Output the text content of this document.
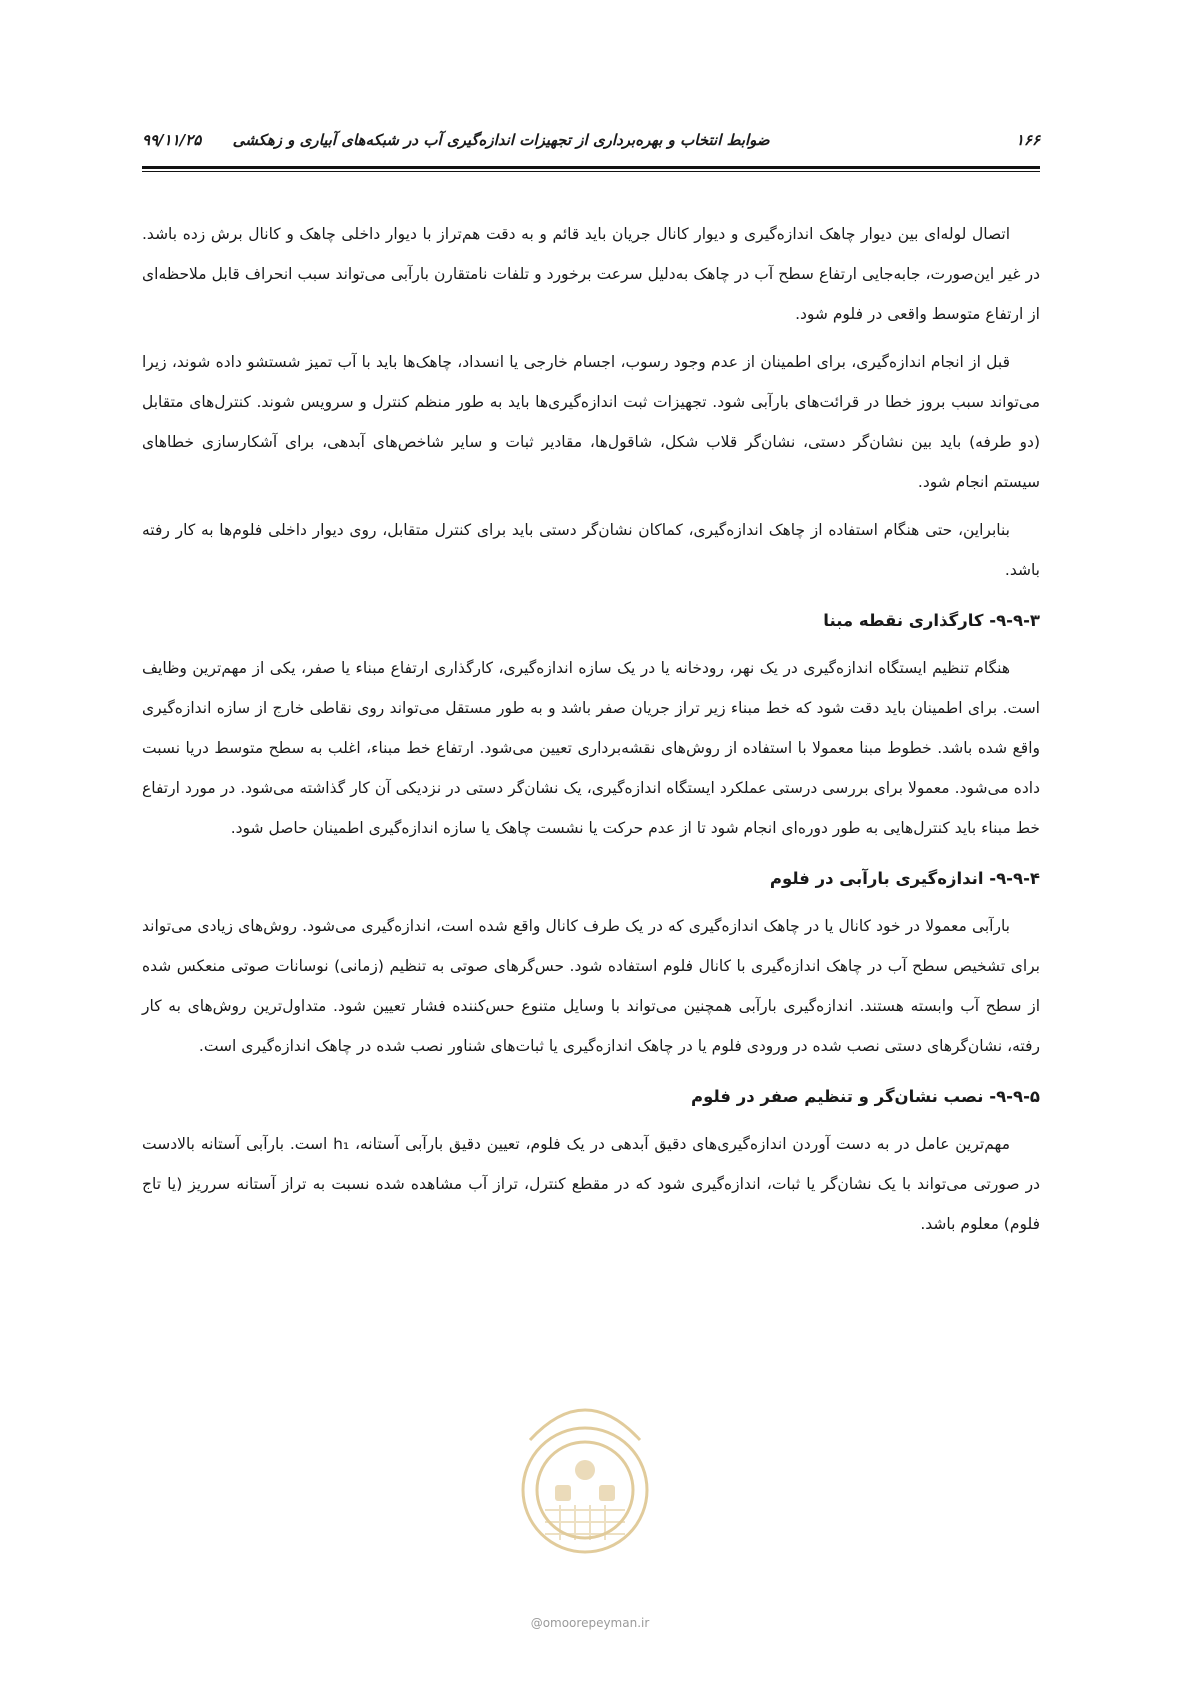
۱۶۶
ضوابط انتخاب و بهره‌برداری از تجهیزات اندازه‌گیری آب در شبکه‌های آبیاری و زهکشی      ۹۹/۱۱/۲۵

اتصال لوله‌ای بین دیوار چاهک اندازه‌گیری و دیوار کانال جریان باید قائم و به دقت هم‌تراز با دیوار داخلی چاهک و کانال برش زده باشد. در غیر این‌صورت، جابه‌جایی ارتفاع سطح آب در چاهک به‌دلیل سرعت برخورد و تلفات نامتقارن بارآبی می‌تواند سبب انحراف قابل ملاحظه‌ای از ارتفاع متوسط واقعی در فلوم شود.

قبل از انجام اندازه‌گیری، برای اطمینان از عدم وجود رسوب، اجسام خارجی یا انسداد، چاهک‌ها باید با آب تمیز شستشو داده شوند، زیرا می‌تواند سبب بروز خطا در قرائت‌های بارآبی شود. تجهیزات ثبت اندازه‌گیری‌ها باید به طور منظم کنترل و سرویس شوند. کنترل‌های متقابل (دو طرفه) باید بین نشان‌گر دستی، نشان‌گر قلاب شکل، شاقول‌ها، مقادیر ثبات و سایر شاخص‌های آبدهی، برای آشکارسازی خطاهای سیستم انجام شود.

بنابراین، حتی هنگام استفاده از چاهک اندازه‌گیری، کماکان نشان‌گر دستی باید برای کنترل متقابل، روی دیوار داخلی فلوم‌ها به کار رفته باشد.

۹-۹-۳- کارگذاری نقطه مبنا

هنگام تنظیم ایستگاه اندازه‌گیری در یک نهر، رودخانه یا در یک سازه اندازه‌گیری، کارگذاری ارتفاع مبناء یا صفر، یکی از مهم‌ترین وظایف است. برای اطمینان باید دقت شود که خط مبناء زیر تراز جریان صفر باشد و به طور مستقل می‌تواند روی نقاطی خارج از سازه اندازه‌گیری واقع شده باشد. خطوط مبنا معمولا با استفاده از روش‌های نقشه‌برداری تعیین می‌شود. ارتفاع خط مبناء، اغلب به سطح متوسط دریا نسبت داده می‌شود. معمولا برای بررسی درستی عملکرد ایستگاه اندازه‌گیری، یک نشان‌گر دستی در نزدیکی آن کار گذاشته می‌شود. در مورد ارتفاع خط مبناء باید کنترل‌هایی به طور دوره‌ای انجام شود تا از عدم حرکت یا نشست چاهک یا سازه اندازه‌گیری اطمینان حاصل شود.

۹-۹-۴- اندازه‌گیری بارآبی در فلوم

بارآبی معمولا در خود کانال یا در چاهک اندازه‌گیری که در یک طرف کانال واقع شده است، اندازه‌گیری می‌شود. روش‌های زیادی می‌تواند برای تشخیص سطح آب در چاهک اندازه‌گیری با کانال فلوم استفاده شود. حس‌گرهای صوتی به تنظیم (زمانی) نوسانات صوتی منعکس شده از سطح آب وابسته هستند. اندازه‌گیری بارآبی همچنین می‌تواند با وسایل متنوع حس‌کننده فشار تعیین شود. متداول‌ترین روش‌های به کار رفته، نشان‌گرهای دستی نصب شده در ورودی فلوم یا در چاهک اندازه‌گیری یا ثبات‌های شناور نصب شده در چاهک اندازه‌گیری است.

۹-۹-۵- نصب نشان‌گر و تنظیم صفر در فلوم

مهم‌ترین عامل در به دست آوردن اندازه‌گیری‌های دقیق آبدهی در یک فلوم، تعیین دقیق بارآبی آستانه، h₁ است. بارآبی آستانه بالادست در صورتی می‌تواند با یک نشان‌گر یا ثبات، اندازه‌گیری شود که در مقطع کنترل، تراز آب مشاهده شده نسبت به تراز آستانه سرریز (یا تاج فلوم) معلوم باشد.

@omoorepeyman.ir
